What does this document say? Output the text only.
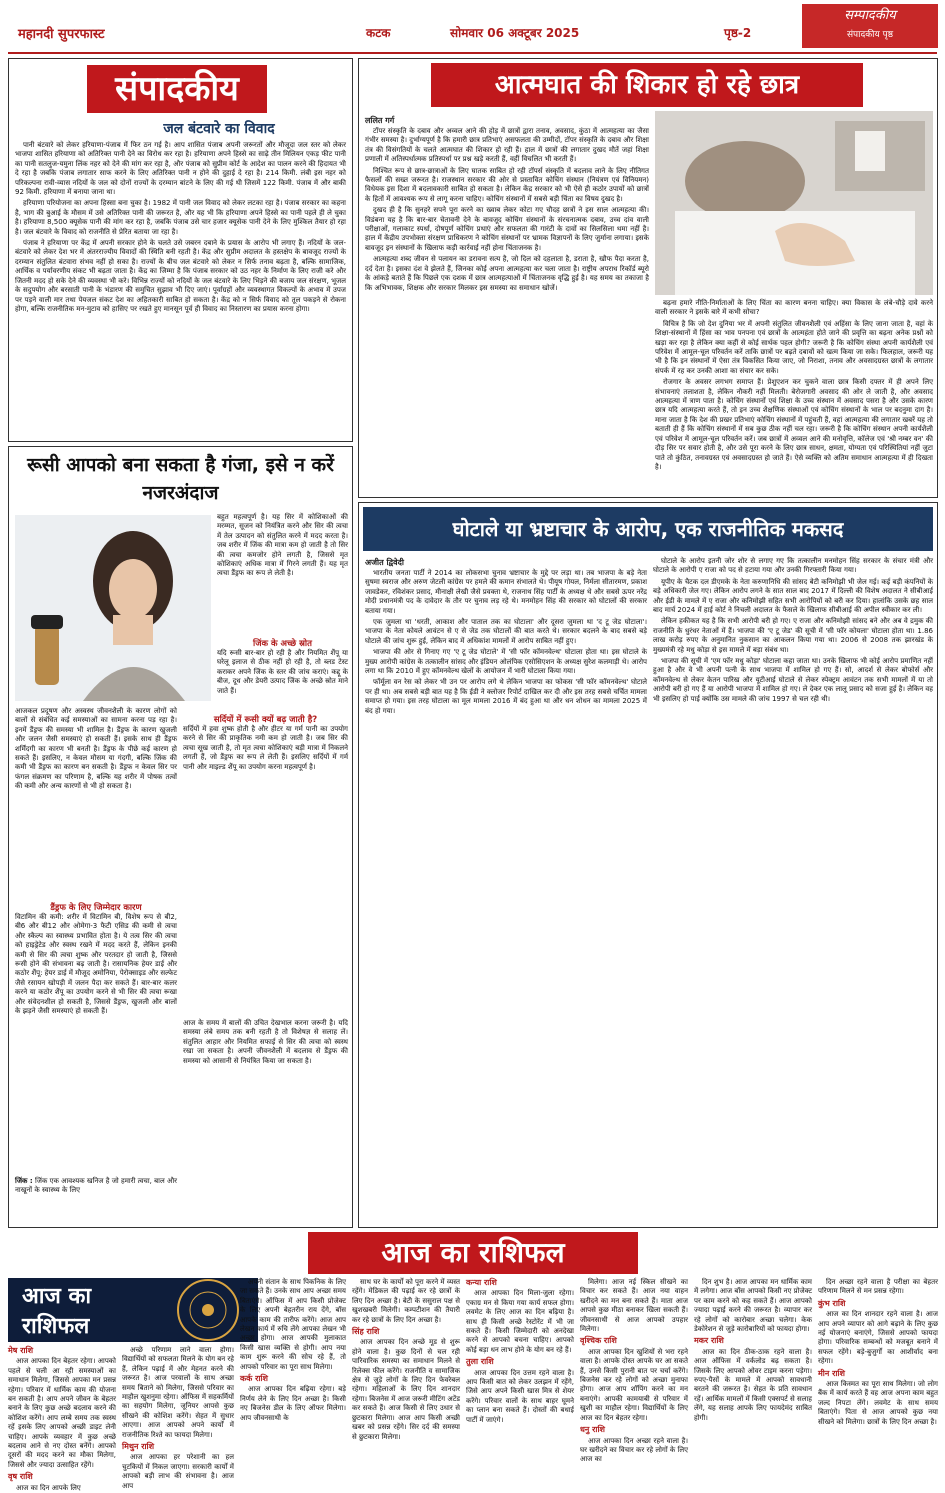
महानदी सुपरफास्ट	कटक	सोमवार 06 अक्टूबर 2025	पृष्ठ-2
सम्पादकीय
संपादकीय पृष्ठ
संपादकीय
जल बंटवारे का विवाद

पानी बंटवारे को लेकर हरियाणा-पंजाब में फिर ठन गई है। आप शासित पंजाब अपनी जरूरतों और मौजूदा जल स्तर को लेकर भाजपा शासित हरियाणा को अतिरिक्त पानी देने का विरोध कर रहा है। हरियाणा अपने हिस्से का साढ़े तीन मिलियन एकड़ फीट पानी का पानी सतलुज-यमुना लिंक नहर को देने की मांग कर रहा है, और पंजाब को सुप्रीम कोर्ट के आदेश का पालन करने की हिदायत भी दे रहा है जबकि पंजाब लगातार साफ करने के लिए अतिरिक्त पानी न होने की दुहाई दे रहा है। 214 किमी. लंबी इस नहर को परिकल्पना रावी-व्यास नदियों के जल को दोनों राज्यों के दरम्यान बांटने के लिए की गई थी जिसमें 122 किमी. पंजाब में और बाकी 92 किमी. हरियाणा में बनाया जाना था।

हरियाणा परियोजना का अपना हिस्सा बना चुका है। 1982 में पानी जल विवाद को लेकर लटका रहा है। पंजाब सरकार का कहना है, भाग की बुआई के मौसम में उसे अतिरिक्त पानी की जरूरत है, और यह भी कि हरियाणा अपने हिस्से का पानी पहले ही ले चुका है। हरियाणा 8,500 क्यूसेक पानी की मांग कर रहा है, जबकि पंजाब उसे चार हजार क्यूसेक पानी देने के लिए मुश्किल तैयार हो रहा है। जल बंटवारे के विवाद को राजनीति से प्रेरित बताया जा रहा है।

पंजाब ने हरियाणा पर केंद्र में अपनी सरकार होने के चलते उसे जबरन दबाने के प्रयास के आरोप भी लगाए हैं। नदियों के जल-बंटवारे को लेकर देश भर में अंतरराज्यीय विवादों की स्थिति बनी रहती है। केंद्र और सुप्रीम अदालत के हस्तक्षेप के बावजूद राज्यों के दरम्यान संतुलित बंटवारा संभव नहीं हो सका है। राज्यों के बीच जल बंटवारे को लेकर न सिर्फ तनाव बढ़ता है, बल्कि सामाजिक, आर्थिक व पर्यावरणीय संकट भी बढ़ता जाता है। केंद्र का जिम्मा है कि पंजाब सरकार को उठ नहर के निर्माण के लिए राजी करे और जितनी मदद हो सके देने की व्यवस्था भी करे। विभिन्न राज्यों को नदियों के जल बंटवारे के लिए भिड़ने की बजाय जल संरक्षण, भूजल के सदुपयोग और बरसाती पानी के भंडारण की समुचित सुझाव भी दिए जाएं। पूर्वाग्रहों और व्यवस्थागत विकल्पों के अभाव में उपज पर पड़ने वाली मार तथा पेयजल संकट देश का अहितकारी साबित हो सकता है। केंद्र को न सिर्फ विवाद को तूल पकड़ने से रोकना होगा, बल्कि राजनीतिक मन-मुटाव को हासिए पर रखते हुए मानसून पूर्व ही विवाद का निस्तारण का प्रयास करना होगा।

रूसी आपको बना सकता है गंजा, इसे न करें नजरअंदाज
बहुत महत्वपूर्ण है। यह सिर में कोशिकाओं की मरम्मत, सूजन को नियंत्रित करने और सिर की त्वचा में तेल उत्पादन को संतुलित करने में मदद करता है। जब शरीर में जिंक की मात्रा कम हो जाती है तो सिर की त्वचा कमजोर होने लगती है, जिससे मृत कोशिकाएं अधिक मात्रा में गिरने लगती हैं। यह मृत त्वचा डैंड्रफ का रूप ले लेती है।
जिंक के अच्छे स्रोत
यदि रूसी बार-बार हो रही है और नियमित शैंपू या घरेलू इलाज से ठीक नहीं हो रही है, तो ब्लड टेस्ट कराकर अपने जिंक के स्तर की जांच कराएं। कद्दू के बीज, दूध और डेयरी उत्पाद जिंक के अच्छे स्रोत माने जाते हैं।
आजकल प्रदूषण और अस्वस्थ जीवनशैली के कारण लोगों को बालों से संबंधित कई समस्याओं का सामना करना पड़ रहा है। इनमें डैंड्रफ की समस्या भी शामिल है। डैंड्रफ के कारण खुजली और जलन जैसी समस्याएं हो सकती हैं। इसके साथ ही डैंड्रफ शर्मिंदगी का कारण भी बनती है। डैंड्रफ के पीछे कई कारण हो सकते हैं। इसलिए, न केवल मौसम या गंदगी, बल्कि जिंक की कमी भी डैंड्रफ का कारण बन सकती है। डैंड्रफ न केवल सिर पर फंगल संक्रमण का परिणाम है, बल्कि यह शरीर में पोषक तत्वों की कमी और अन्य कारणों से भी हो सकता है।
डैंड्रफ के लिए जिम्मेदार कारण
विटामिन की कमी: शरीर में विटामिन बी, विशेष रूप से बी2, बी6 और बी12 और ओमेगा-3 फैटी एसिड की कमी से त्वचा और स्कैल्प का स्वास्थ्य प्रभावित होता है। ये तत्व सिर की त्वचा को हाइड्रेटेड और स्वस्थ रखने में मदद करते हैं, लेकिन इनकी कमी से सिर की त्वचा शुष्क और परतदार हो जाती है, जिससे रूसी होने की संभावना बढ़ जाती है। रासायनिक हेयर डाई और कठोर शैंपू: हेयर डाई में मौजूद अमोनिया, पेरोक्साइड और सल्फेट जैसे रसायन खोपड़ी में जलन पैदा कर सकते हैं। बार-बार कलर करने या कठोर शैंपू का उपयोग करने से भी सिर की त्वचा रूखा और संवेदनशील हो सकती है, जिससे डैंड्रफ, खुजली और बालों के झड़ने जैसी समस्याएं हो सकती हैं।
जिंक : जिंक एक आवश्यक खनिज है जो हमारी त्वचा, बाल और नाखूनों के स्वास्थ्य के लिए
सर्दियों में रूसी क्यों बढ़ जाती है?
सर्दियों में हवा शुष्क होती है और हीटर या गर्म पानी का उपयोग करने से सिर की प्राकृतिक नमी कम हो जाती है। जब सिर की त्वचा सूख जाती है, तो मृत त्वचा कोशिकाएं बड़ी मात्रा में निकलने लगती हैं, जो डैंड्रफ का रूप ले लेती हैं। इसलिए सर्दियों में गर्म पानी और माइल्ड शैंपू का उपयोग करना महत्वपूर्ण है।
आज के समय में बालों की उचित देखभाल करना जरूरी है। यदि समस्या लंबे समय तक बनी रहती है तो विशेषज्ञ से सलाह लें। संतुलित आहार और नियमित सफाई से सिर की त्वचा को स्वस्थ रखा जा सकता है। अपनी जीवनशैली में बदलाव से डैंड्रफ की समस्या को आसानी से नियंत्रित किया जा सकता है।
आत्मघात की शिकार हो रहे छात्र
ललित गर्ग

टॉपर संस्कृति के दबाव और अव्वल आने की होड़ में छात्रों द्वारा तनाव, अवसाद, कुंठा में आत्महत्या का जैसा गंभीर समस्या है। दुर्भाग्यपूर्ण है कि हमारी छात्र प्रतिभाएं असफलता की उम्मीदों, टॉपर संस्कृति के दबाव और शिक्षा तंत्र की विसंगतियों के चलते आत्मघात की शिकार हो रही हैं। हाल में छात्रों की लगातार दुखद मौतें जहां शिक्षा प्रणाली में अतिस्पर्धात्मक प्रतिस्पर्धा पर प्रश्न खड़े करती हैं, वहीं विचलित भी करती हैं।

निश्चित रूप से छात्र-छात्राओं के लिए घातक साबित हो रही टॉपर्स संस्कृति में बदलाव लाने के लिए नीतिगत फैसलों की सख्त जरूरत है। राजस्थान सरकार की ओर से प्रस्तावित कोचिंग संस्थान (नियंत्रण एवं विनियमन) विधेयक इस दिशा में बदलावकारी साबित हो सकता है। लेकिन केंद्र सरकार को भी ऐसे ही कठोर उपायों को छात्रों के हितों में आवश्यक रूप से लागू करना चाहिए। कोचिंग संस्थानों में सबसे बड़ी चिंता का विषय दुखद है।

दुखद ही है कि सुनहरे सपने पूरा करने का ख्वाब लेकर कोटा गए चौदह छात्रों ने इस साल आत्महत्या की। विडंबना यह है कि बार-बार चेतावनी देने के बावजूद कोचिंग संस्थानों के संरचनात्मक दबाव, उच्च दांव वाली परीक्षाओं, गलाकाट स्पर्धा, दोषपूर्ण कोचिंग प्रथाएं और सफलता की गारंटी के दावों का सिलसिला थमा नहीं है। हाल में केंद्रीय उपभोक्ता संरक्षण प्राधिकरण ने कोचिंग संस्थानों पर भ्रामक विज्ञापनों के लिए जुर्माना लगाया। इसके बावजूद इन संस्थानों के खिलाफ कड़ी कार्रवाई नहीं होना चिंताजनक है।

आत्महत्या शब्द जीवन से पलायन का डरावना सत्य है, जो दिल को दहलाता है, डराता है, खौफ पैदा करता है, दर्द देता है। इसका दंश वे झेलते हैं, जिनका कोई अपना आत्महत्या कर चला जाता है। राष्ट्रीय अपराध रिकॉर्ड ब्यूरो के आंकड़े बताते हैं कि पिछले एक दशक में छात्र आत्महत्याओं में चिंताजनक वृद्धि हुई है। यह समय का तकाजा है कि अभिभावक, शिक्षक और सरकार मिलकर इस समस्या का समाधान खोजें।

बढ़ना हमारे नीति-निर्माताओं के लिए चिंता का कारण बनना चाहिए। क्या विकास के लंबे-चौड़े दावे करने वाली सरकार ने इसके बारे में कभी सोचा?

विचित्र है कि जो देश दुनिया भर में अपनी संतुलित जीवनशैली एवं अहिंसा के लिए जाना जाता है, वहां के शिक्षा-संस्थानों में हिंसा का भाव पनपना एवं छात्रों के आत्महंता होते जाने की प्रवृत्ति का बढ़ना अनेक प्रश्नों को खड़ा कर रहा है लेकिन क्या कहीं से कोई सार्थक पहल होगी? जरूरी है कि कोचिंग संस्था अपनी कार्यशैली एवं परिवेश में आमूल-चूल परिवर्तन करें ताकि छात्रों पर बढ़ते दबावों को खत्म किया जा सके। फिलहाल, जरूरी यह भी है कि इन संस्थानों में ऐसा तंत्र विकसित किया जाए, जो निराशा, तनाव और अवसादग्रस्त छात्रों के लगातार संपर्क में रह कर उनकी आशा का संचार कर सके।

रोजगार के अवसर लगभग समाप्त हैं। प्रेशुएशन कर चुकने वाला छात्र किसी दफ्तर में ही अपने लिए संभावनाएं तलाशता है, लेकिन नौकरी नहीं मिलती। बेरोजगारी अवसाद की ओर ले जाती है, और अवसाद आत्महत्या में त्राण पाता है। कोचिंग संस्थानों एवं शिक्षा के उच्च संस्थान में अवसाद पसरा है और उसके कारण छात्र यदि आत्महत्या करते हैं, तो इन उच्च शैक्षणिक संस्थाओं एवं कोचिंग संस्थानों के भाल पर बदनुमा दाग है। माना जाता है कि देश की प्रखर प्रतिभाएं कोचिंग संस्थानों में पहुंचती हैं, वहां आत्महत्या की लगातार खबरें यह तो बताती ही हैं कि कोचिंग संस्थानों में सब कुछ ठीक नहीं चल रहा। जरूरी है कि कोचिंग संस्थान अपनी कार्यशैली एवं परिवेश में आमूल-चूल परिवर्तन करें। जब छात्रों में अव्वल आने की मनोवृत्ति, कॉलेज एवं 'श्री नम्बर वन' की दौड़ सिर पर सवार होती है, और उसे पूरा करने के लिए छात्र साधन, क्षमता, योग्यता एवं परिस्थितियां नहीं जुटा पाते तो कुंठित, तनावग्रस्त एवं अवसादग्रस्त हो जाते हैं। ऐसे व्यक्ति को अतिम समाधान आत्महत्या में ही दिखता है।

घोटाले या भ्रष्टाचार के आरोप, एक राजनीतिक मकसद
अजीत द्विवेदी

भारतीय जनता पार्टी ने 2014 का लोकसभा चुनाव भ्रष्टाचार के मुद्दे पर लड़ा था। तब भाजपा के बड़े नेता सुषमा स्वराज और अरुण जेटली कांग्रेस पर हमले की कमान संभालते थे। पीयूष गोयल, निर्मला सीतारमण, प्रकाश जावडेकर, रविशंकर प्रसाद, मीनाक्षी लेखी जैसे प्रवक्ता थे, राजनाथ सिंह पार्टी के अध्यक्ष थे और सबसे ऊपर नरेंद्र मोदी प्रधानमंत्री पद के दावेदार के तौर पर चुनाव लड़ रहे थे। मनमोहन सिंह की सरकार को घोटालों की सरकार बताया गया।

एक जुमला था 'धरती, आकाश और पाताल तक का घोटाला' और दूसरा जुमला था 'द टू जेड घोटाला'। भाजपा के नेता कोयले आवंटन से ए से जेड तक घोटालों की बात करते थे। सरकार बदलने के बाद सबसे बड़े घोटाले की जांच शुरू हुई, लेकिन बाद में अधिकांश मामलों में आरोप साबित नहीं हुए।

भाजपा की ओर से गिनाए गए 'ए टू जेड घोटाले' में 'सी फॉर कॉमनवेल्थ' घोटाला होता था। इस घोटाले के मुख्य आरोपी कांग्रेस के तत्कालीन सांसद और इंडियन ओलंपिक एसोसिएशन के अध्यक्ष सुरेश कलमाड़ी थे। आरोप लगा था कि 2010 में हुए कॉमनवेल्थ खेलों के आयोजन में भारी घोटाला किया गया।

फॉर्मूला वन रेस को लेकर भी उन पर आरोप लगे थे लेकिन भाजपा का फोकस 'सी फॉर कॉमनवेल्थ' घोटाले पर ही था। अब सबसे बड़ी बात यह है कि ईडी ने क्लोजर रिपोर्ट दाखिल कर दी और इस तरह सबसे चर्चित मामला समाप्त हो गया। इस तरह घोटाला का मूल मामला 2016 में बंद हुआ था और धन शोधन का मामला 2025 में बंद हो गया।

घोटाले के आरोप इतनी जोर शोर से लगाए गए कि तत्कालीन मनमोहन सिंह सरकार के संचार मंत्री और घोटाले के आरोपी ए राजा को पद से हटाया गया और उनकी गिरफ्तारी किया गया।

यूपीए के चैटक दल डीएमके के नेता करुणानिधि की सांसद बेटी कनिमोझी भी जेल गई। कई बड़ी कंपनियों के बड़े अधिकारी जेल गए। लेकिन आरोप लगने के सात साल बाद 2017 में दिल्ली की विशेष अदालत ने सीबीआई और ईडी के मामले में ए राजा और कनिमोझी सहित सभी आरोपियों को बरी कर दिया। हालांकि उसके छह साल बाद मार्च 2024 में हाई कोर्ट ने निचली अदालत के फैसले के खिलाफ सीबीआई की अपील स्वीकार कर ली।

लेकिन हकीकत यह है कि सभी आरोपी बरी हो गए। ए राजा और कनिमोझी सांसद बने और अब वे द्रमुक की राजनीति के धुरंधर नेताओं में हैं। भाजपा की 'ए टू जेड' की सूची में 'सी फॉर कोयला' घोटाला होता था। 1.86 लाख करोड़ रुपए के अनुमानित नुकसान का आकलन किया गया था। 2006 से 2008 तक झारखंड के मुख्यमंत्री रहे मधु कोड़ा से इस मामले में बड़ा संबंध था।

भाजपा की सूची में 'एम फॉर मधु कोड़ा' घोटाला कहा जाता था। उनके खिलाफ भी कोई आरोप प्रमाणित नहीं हुआ है और वे भी अपनी पत्नी के साथ भाजपा में शामिल हो गए हैं। सो, आदर्श से लेकर बोफोर्स और कॉमनवेल्थ से लेकर केतन पारिख और यूटीआई घोटाले से लेकर स्पेक्ट्रम आवंटन तक सभी मामलों में या तो आरोपी बरी हो गए हैं या आरोपी भाजपा में शामिल हो गए। ले देकर एक लालू प्रसाद को सजा हुई है। लेकिन वह भी इसलिए हो पाई क्योंकि उस मामले की जांच 1997 से चल रही थी।

आज का राशिफल
आज का
राशिफल

मेष राशि

आज आपका दिन बेहतर रहेगा। आपको पहले से चली आ रही समस्याओं का समाधान मिलेगा, जिससे आपका मन प्रसन्न रहेगा। परिवार में धार्मिक काम की योजना बन सकती है। आप अपने जीवन के बेहतर बनाने के लिए कुछ अच्छे बदलाव करने की कोशिश करेंगे। आप लम्बे समय तक स्वस्थ रहें इसके लिए आपको अच्छी डाइट लेनी चाहिए। आपके व्यवहार में कुछ अच्छे बदलाव आने से नए दोस्त बनेंगे। आपको दूसरों की मदद करने का मौका मिलेगा, जिससे और ज्यादा उत्साहित रहेंगे।

वृष राशि

आज का दिन आपके लिए

अच्छे परिणाम लाने वाला होगा। विद्यार्थियों को सफलता मिलने के योग बन रहे हैं, लेकिन पढ़ाई में और मेहनत करने की जरूरत है। आज परवालों के साथ अच्छा समय बिताने को मिलेगा, जिससे परिवार का माहौल खुशनुमा रहेगा। ऑफिस में सहकर्मियों का सहयोग मिलेगा, जूनियर आपसे कुछ सीखने की कोशिश करेंगे। सेहत में सुधार आएगा। आज आपको अपने कार्यों में राजनीतिक रिश्ते का फायदा मिलेगा।

मिथुन राशि

आज आपका हर परेशानी का हल चुटकियों में निकल जाएगा। सरकारी कार्यों में आपको बड़ी लाभ की संभावना है। आज आप

अपनी संतान के साथ पिकनिक के लिए जा सकते हैं। उनके साथ आप अच्छा समय बिताएंगे। ऑफिस में आप किसी प्रोजेक्ट के लिए अपनी बेहतरीन राय देंगे, बॉस आपके काम की तारीफ करेंगे। आज आप लेखन कार्य में रुचि लेंगे आपका लेखन भी अच्छा होगा। आज आपकी मुलाकात किसी खास व्यक्ति से होगी। आप नया काम शुरू करने की सोच रहे हैं, तो आपको परिवार का पूरा साथ मिलेगा।

कर्क राशि

आज आपका दिन बढ़िया रहेगा। बड़े निर्णय लेने के लिए दिन अच्छा है। किसी नए बिजनेस डील के लिए ऑफर मिलेगा। आप जीवनसाथी के

साथ घर के कार्यों को पूरा करने में व्यस्त रहेंगे। मेडिकल की पढ़ाई कर रहे छात्रों के लिए दिन अच्छा है। बेटी के ससुराल पक्ष से खुशखबरी मिलेगी। कम्पटीशन की तैयारी कर रहे छात्रों के लिए दिन अच्छा है।

सिंह राशि

आज आपका दिन अच्छे मूड से शुरू होने वाला है। कुछ दिनों से चल रही पारिवारिक समस्या का समाधान मिलने से रिलेक्स फील करेंगे। राजनीति व सामाजिक क्षेत्र से जुड़े लोगों के लिए दिन फेवरेबल रहेगा। महिलाओं के लिए दिन शानदार रहेगा। बिजनेस में आज जरूरी मीटिंग अटेंड कर सकते हैं। आज किसी से लिए उधार से छुटकारा मिलेगा। आज आप किसी अच्छी खबर को प्रसन्न रहेंगे। सिर दर्द की समस्या से छुटकारा मिलेगा।

कन्या राशि

आज आपका दिन मिला-जुला रहेगा। एकाग्र मन से किया गया कार्य सफल होगा। लवमेट के लिए आज का दिन बढ़िया है। साथ ही किसी अच्छे रेस्टोरेंट में भी जा सकते हैं। किसी जिम्मेदारी को अनदेखा करने से आपको बचना चाहिए। आपको कोई बड़ा धन लाभ होने के योग बन रहे हैं।

तुला राशि

आज आपका दिन उत्तम रहने वाला है। आप किसी बात को लेकर उलझन में रहेंगे, जिसे आप अपने किसी खास मित्र से शेयर करेंगे। परिवार वालों के साथ बाहर घूमने का प्लान बना सकते हैं। दोस्तों की बधाई पार्टी में जाएंगे।

मिलेगा। आज नई स्किल सीखने का विचार कर सकते हैं। आज नया वाहन खरीदने का मन बना सकते हैं। माता आज आपसे कुछ मीठा बनाकर खिला सकती हैं। जीवनसाथी से आज आपको उपहार मिलेगा।

वृश्चिक राशि

आज आपका दिन खुशियों से भरा रहने वाला है। आपके दोस्त आपके घर आ सकते हैं, उनसे किसी पुरानी बात पर चर्चा करेंगे। बिजनेस कर रहे लोगों को अच्छा मुनाफा होगा। आज आप शॉपिंग करने का मन बनाएंगे। आपकी कामयाबी से परिवार में खुशी का माहौल रहेगा। विद्यार्थियों के लिए आज का दिन बेहतर रहेगा।

धनु राशि

आज आपका दिन अच्छा रहने वाला है। घर खरीदने का विचार कर रहे लोगों के लिए आज का

दिन शुभ है। आज आपका मन धार्मिक काम में लगेगा। आज बॉस आपको किसी नए प्रोजेक्ट पर काम करने को कह सकते हैं। आज आपको ज्यादा पढ़ाई करने की जरूरत है। व्यापार कर रहे लोगों को कारोबार अच्छा चलेगा। केक डेकोरेशन से जुड़े कारोबारियों को फायदा होगा।

मकर राशि

आज का दिन ठीक-ठाक रहने वाला है। आज ऑफिस में वर्कलोड बढ़ सकता है। जिसके लिए आपको ओवर टाइम करना पड़ेगा। रुपए-पैसों के मामले में आपको सावधानी बरतने की जरूरत है। सेहत के प्रति सावधान रहें। आर्थिक मामलों में किसी एक्सपर्ट से सलाह लेंगे, यह सलाह आपके लिए फायदेमंद साबित होगी।

दिन अच्छा रहने वाला है परीक्षा का बेहतर परिणाम मिलने से मन प्रसन्न रहेगा।

कुंभ राशि

आज का दिन शानदार रहने वाला है। आज आप अपने व्यापार को आगे बढ़ाने के लिए कुछ नई योजनाएं बनाएंगे, जिससे आपको फायदा होगा। परिवारिक सम्बन्धों को मजबूत बनाने में सफल रहेंगे। बड़े-बुजुर्गों का आशीर्वाद बना रहेगा।

मीन राशि

आज किस्मत का पूरा साथ मिलेगा। जो लोग बैंक में कार्य करते हैं वह आज अपना काम बहुत जल्द निपटा लेंगे। लवमेट के साथ समय बिताएंगे। पिता से आज आपको कुछ नया सीखने को मिलेगा। छात्रों के लिए दिन अच्छा है।
